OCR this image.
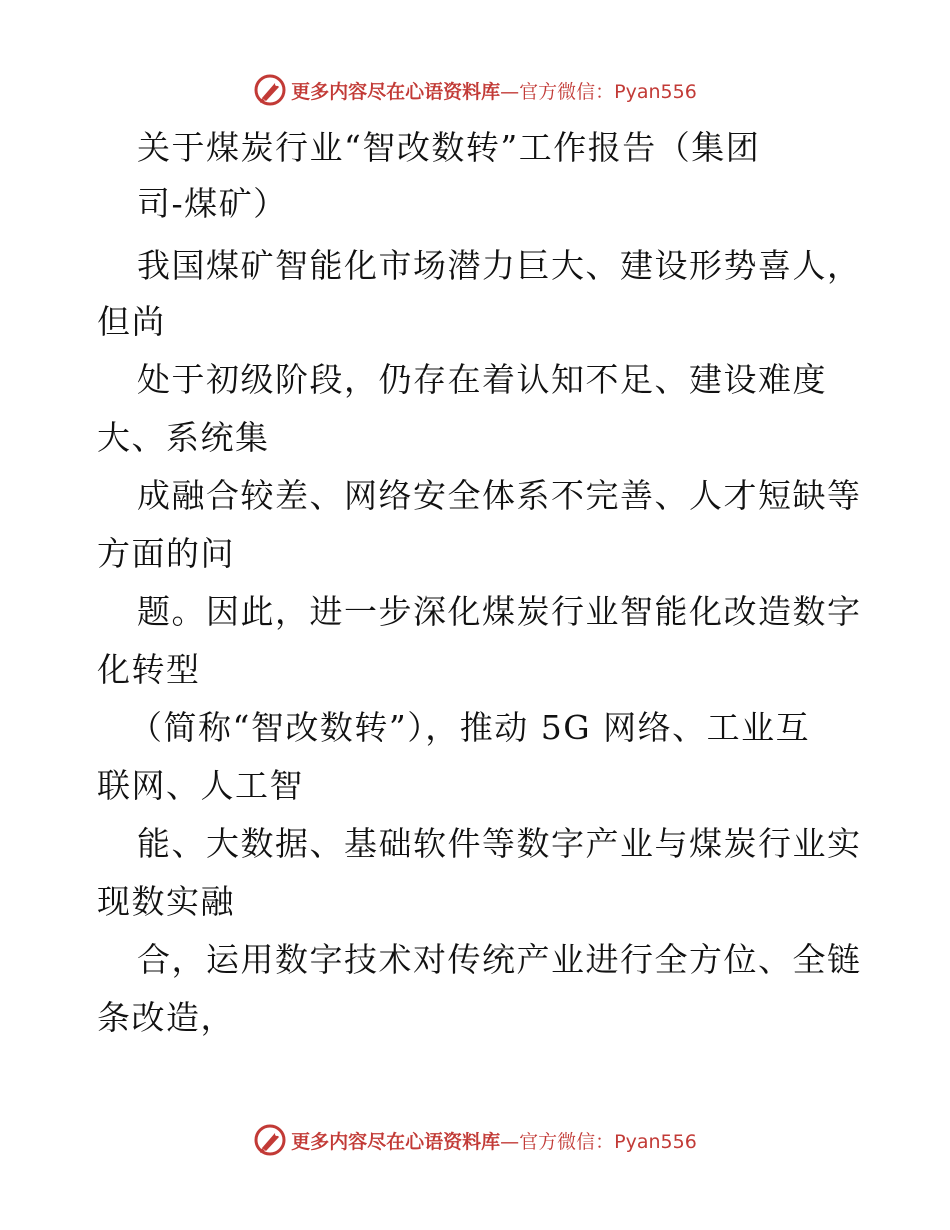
更多内容尽在心语资料库 —官方微信：Pyan556
关于煤炭行业“智改数转”工作报告（集团
司-煤矿）
我国煤矿智能化市场潜力巨大、建设形势喜人，
但尚
处于初级阶段，仍存在着认知不足、建设难度
大、系统集
成融合较差、网络安全体系不完善、人才短缺等
方面的问
题。因此，进一步深化煤炭行业智能化改造数字
化转型
（简称“智改数转”），推动 5G 网络、工业互
联网、人工智
能、大数据、基础软件等数字产业与煤炭行业实
现数实融
合，运用数字技术对传统产业进行全方位、全链
条改造，
更多内容尽在心语资料库 —官方微信：Pyan556
